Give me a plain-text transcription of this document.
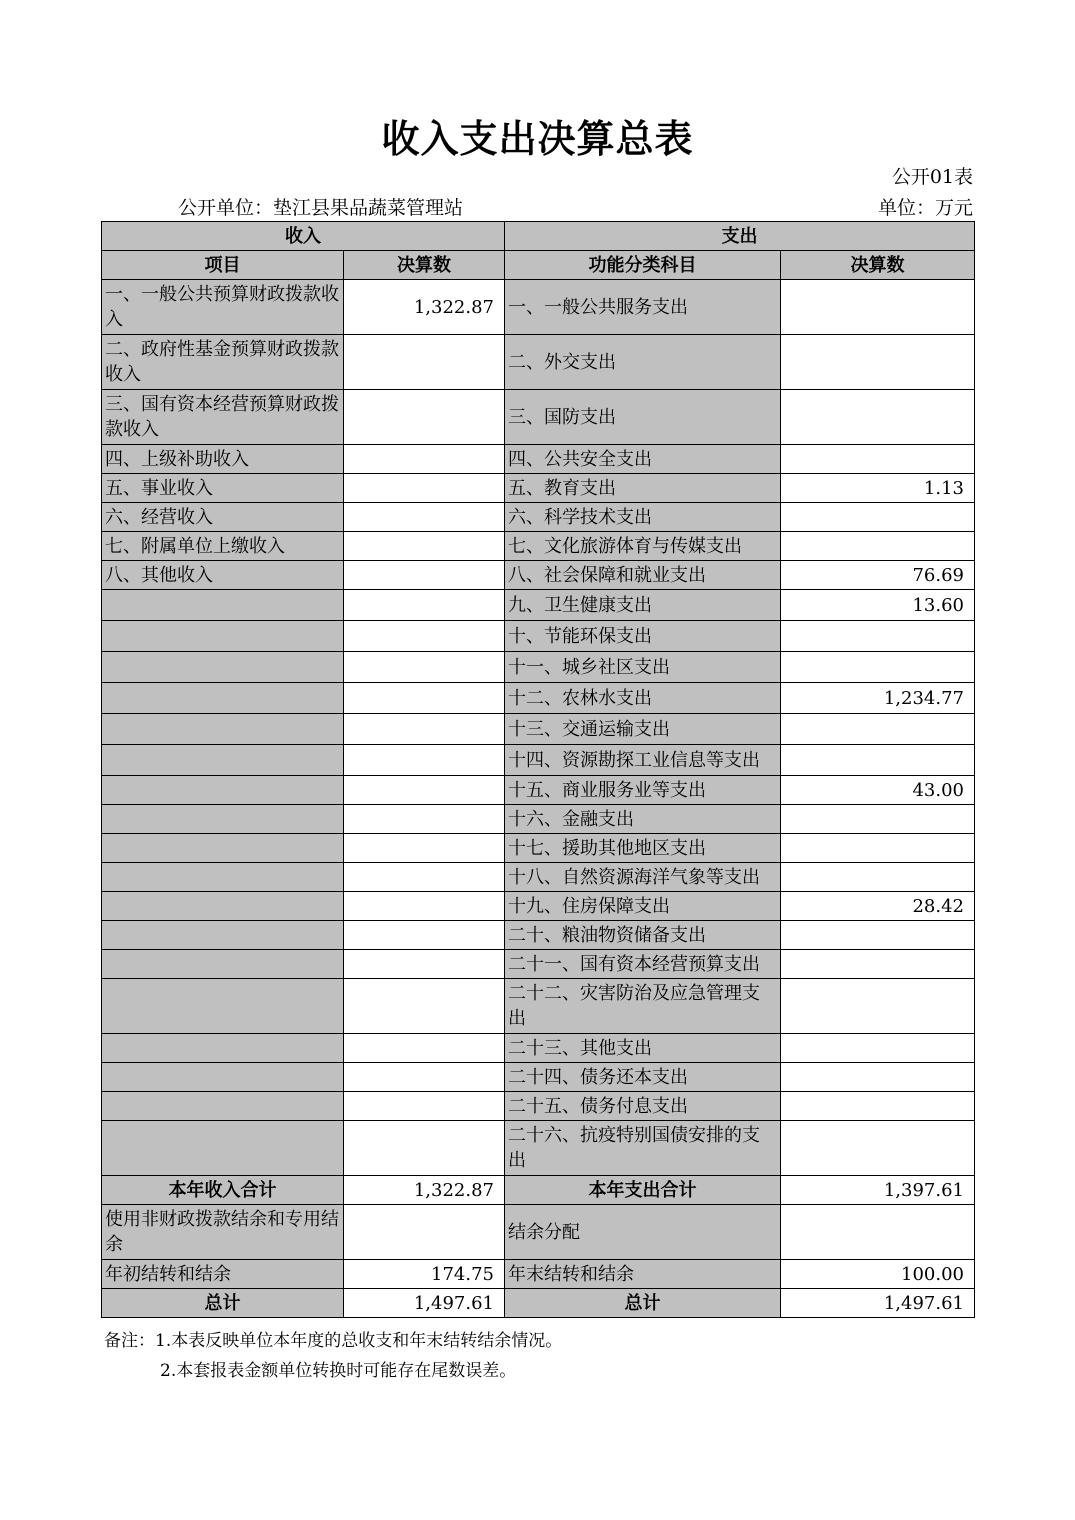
收入支出决算总表
公开01表
公开单位：垫江县果品蔬菜管理站	单位：万元
收入		支出	
项目	决算数	功能分类科目	决算数
一、一般公共预算财政拨款收入	1,322.87	一、一般公共服务支出	
二、政府性基金预算财政拨款收入		二、外交支出	
三、国有资本经营预算财政拨款收入		三、国防支出	
四、上级补助收入		四、公共安全支出	
五、事业收入		五、教育支出	1.13
六、经营收入		六、科学技术支出	
七、附属单位上缴收入		七、文化旅游体育与传媒支出	
八、其他收入		八、社会保障和就业支出	76.69
		九、卫生健康支出	13.60
		十、节能环保支出	
		十一、城乡社区支出	
		十二、农林水支出	1,234.77
		十三、交通运输支出	
		十四、资源勘探工业信息等支出	
		十五、商业服务业等支出	43.00
		十六、金融支出	
		十七、援助其他地区支出	
		十八、自然资源海洋气象等支出	
		十九、住房保障支出	28.42
		二十、粮油物资储备支出	
		二十一、国有资本经营预算支出	
		二十二、灾害防治及应急管理支出	
		二十三、其他支出	
		二十四、债务还本支出	
		二十五、债务付息支出	
		二十六、抗疫特别国债安排的支出	
本年收入合计	1,322.87	本年支出合计	1,397.61
使用非财政拨款结余和专用结余		结余分配	
年初结转和结余	174.75	年末结转和结余	100.00
总计	1,497.61	总计	1,497.61
备注：1.本表反映单位本年度的总收支和年末结转结余情况。
2.本套报表金额单位转换时可能存在尾数误差。
